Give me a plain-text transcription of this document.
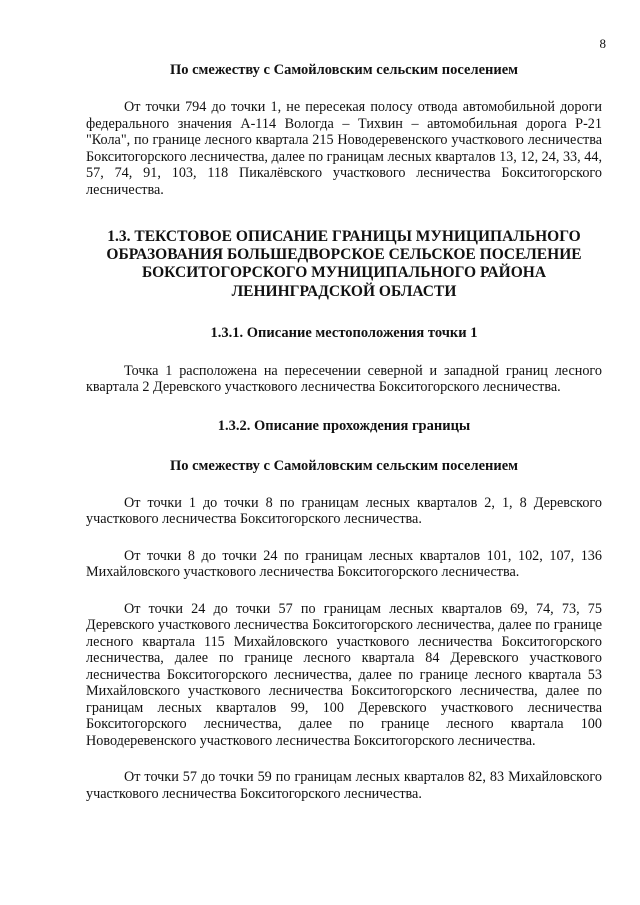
8

По смежеству с Самойловским сельским поселением

От точки 794 до точки 1, не пересекая полосу отвода автомобильной дороги федерального значения А-114 Вологда – Тихвин – автомобильная дорога Р-21 "Кола", по границе лесного квартала 215 Новодеревенского участкового лесничества Бокситогорского лесничества, далее по границам лесных кварталов 13, 12, 24, 33, 44, 57, 74, 91, 103, 118 Пикалёвского участкового лесничества Бокситогорского лесничества.

1.3. ТЕКСТОВОЕ ОПИСАНИЕ ГРАНИЦЫ МУНИЦИПАЛЬНОГО ОБРАЗОВАНИЯ БОЛЬШЕДВОРСКОЕ СЕЛЬСКОЕ ПОСЕЛЕНИЕ БОКСИТОГОРСКОГО МУНИЦИПАЛЬНОГО РАЙОНА ЛЕНИНГРАДСКОЙ ОБЛАСТИ

1.3.1. Описание местоположения точки 1

Точка 1 расположена на пересечении северной и западной границ лесного квартала 2 Деревского участкового лесничества Бокситогорского лесничества.

1.3.2. Описание прохождения границы

По смежеству с Самойловским сельским поселением

От точки 1 до точки 8 по границам лесных кварталов 2, 1, 8 Деревского участкового лесничества Бокситогорского лесничества.

От точки 8 до точки 24 по границам лесных кварталов 101, 102, 107, 136 Михайловского участкового лесничества Бокситогорского лесничества.

От точки 24 до точки 57 по границам лесных кварталов 69, 74, 73, 75 Деревского участкового лесничества Бокситогорского лесничества, далее по границе лесного квартала 115 Михайловского участкового лесничества Бокситогорского лесничества, далее по границе лесного квартала 84 Деревского участкового лесничества Бокситогорского лесничества, далее по границе лесного квартала 53 Михайловского участкового лесничества Бокситогорского лесничества, далее по границам лесных кварталов 99, 100 Деревского участкового лесничества Бокситогорского лесничества, далее по границе лесного квартала 100 Новодеревенского участкового лесничества Бокситогорского лесничества.

От точки 57 до точки 59 по границам лесных кварталов 82, 83 Михайловского участкового лесничества Бокситогорского лесничества.
